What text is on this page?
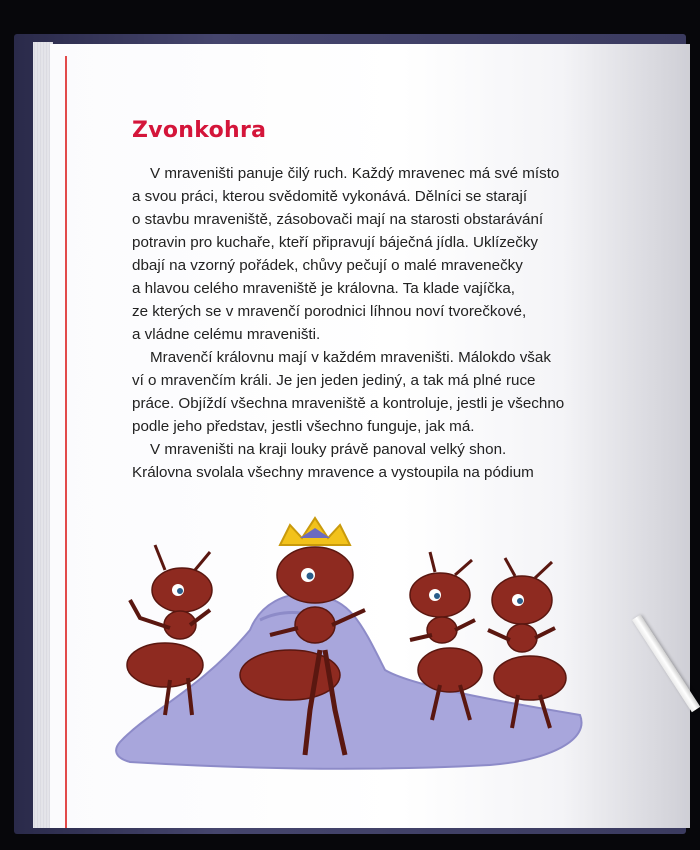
Zvonkohra
V mraveništi panuje čilý ruch. Každý mravenec má své místo
a svou práci, kterou svědomitě vykonává. Dělníci se starají
o stavbu mraveniště, zásobovači mají na starosti obstarávání
potravin pro kuchaře, kteří připravují báječná jídla. Uklízečky
dbají na vzorný pořádek, chůvy pečují o malé mravenečky
a hlavou celého mraveniště je královna. Ta klade vajíčka,
ze kterých se v mravenčí porodnici líhnou noví tvorečkové,
a vládne celému mraveništi.
Mravenčí královnu mají v každém mraveništi. Málokdo však
ví o mravenčím králi. Je jen jeden jediný, a tak má plné ruce
práce. Objíždí všechna mraveniště a kontroluje, jestli je všechno
podle jeho představ, jestli všechno funguje, jak má.
V mraveništi na kraji louky právě panoval velký shon.
Královna svolala všechny mravence a vystoupila na pódium
